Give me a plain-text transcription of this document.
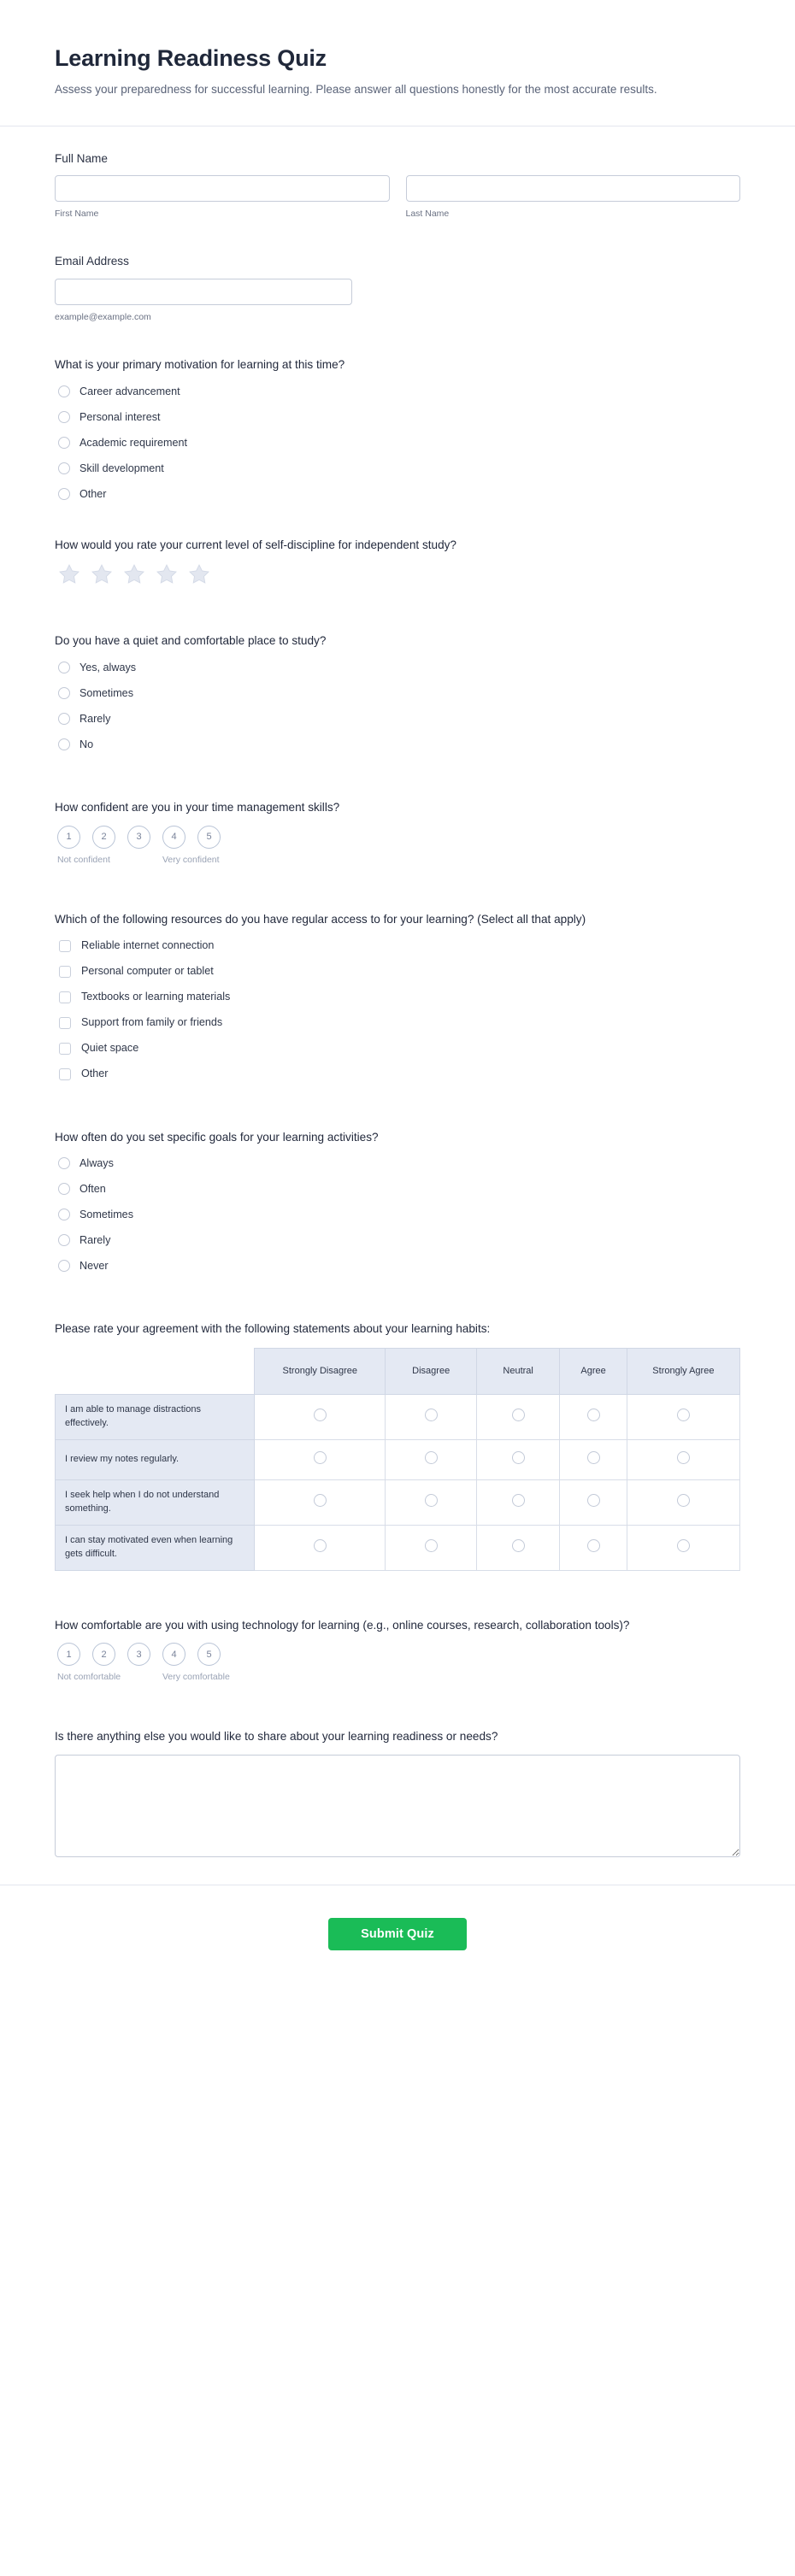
Learning Readiness Quiz

Assess your preparedness for successful learning. Please answer all questions honestly for the most accurate results.

Full Name
First Name	Last Name
Email Address
example@example.com
What is your primary motivation for learning at this time?
Career advancement
Personal interest
Academic requirement
Skill development
Other
How would you rate your current level of self-discipline for independent study?
Do you have a quiet and comfortable place to study?
Yes, always
Sometimes
Rarely
No
How confident are you in your time management skills?
1	2	3	4	5
Not confident	Very confident
Which of the following resources do you have regular access to for your learning? (Select all that apply)
Reliable internet connection
Personal computer or tablet
Textbooks or learning materials
Support from family or friends
Quiet space
Other
How often do you set specific goals for your learning activities?
Always
Often
Sometimes
Rarely
Never
Please rate your agreement with the following statements about your learning habits:
	Strongly Disagree	Disagree	Neutral	Agree	Strongly Agree
I am able to manage distractions effectively.					
I review my notes regularly.					
I seek help when I do not understand something.					
I can stay motivated even when learning gets difficult.					
How comfortable are you with using technology for learning (e.g., online courses, research, collaboration tools)?
1	2	3	4	5
Not comfortable	Very comfortable
Is there anything else you would like to share about your learning readiness or needs?
Submit Quiz
